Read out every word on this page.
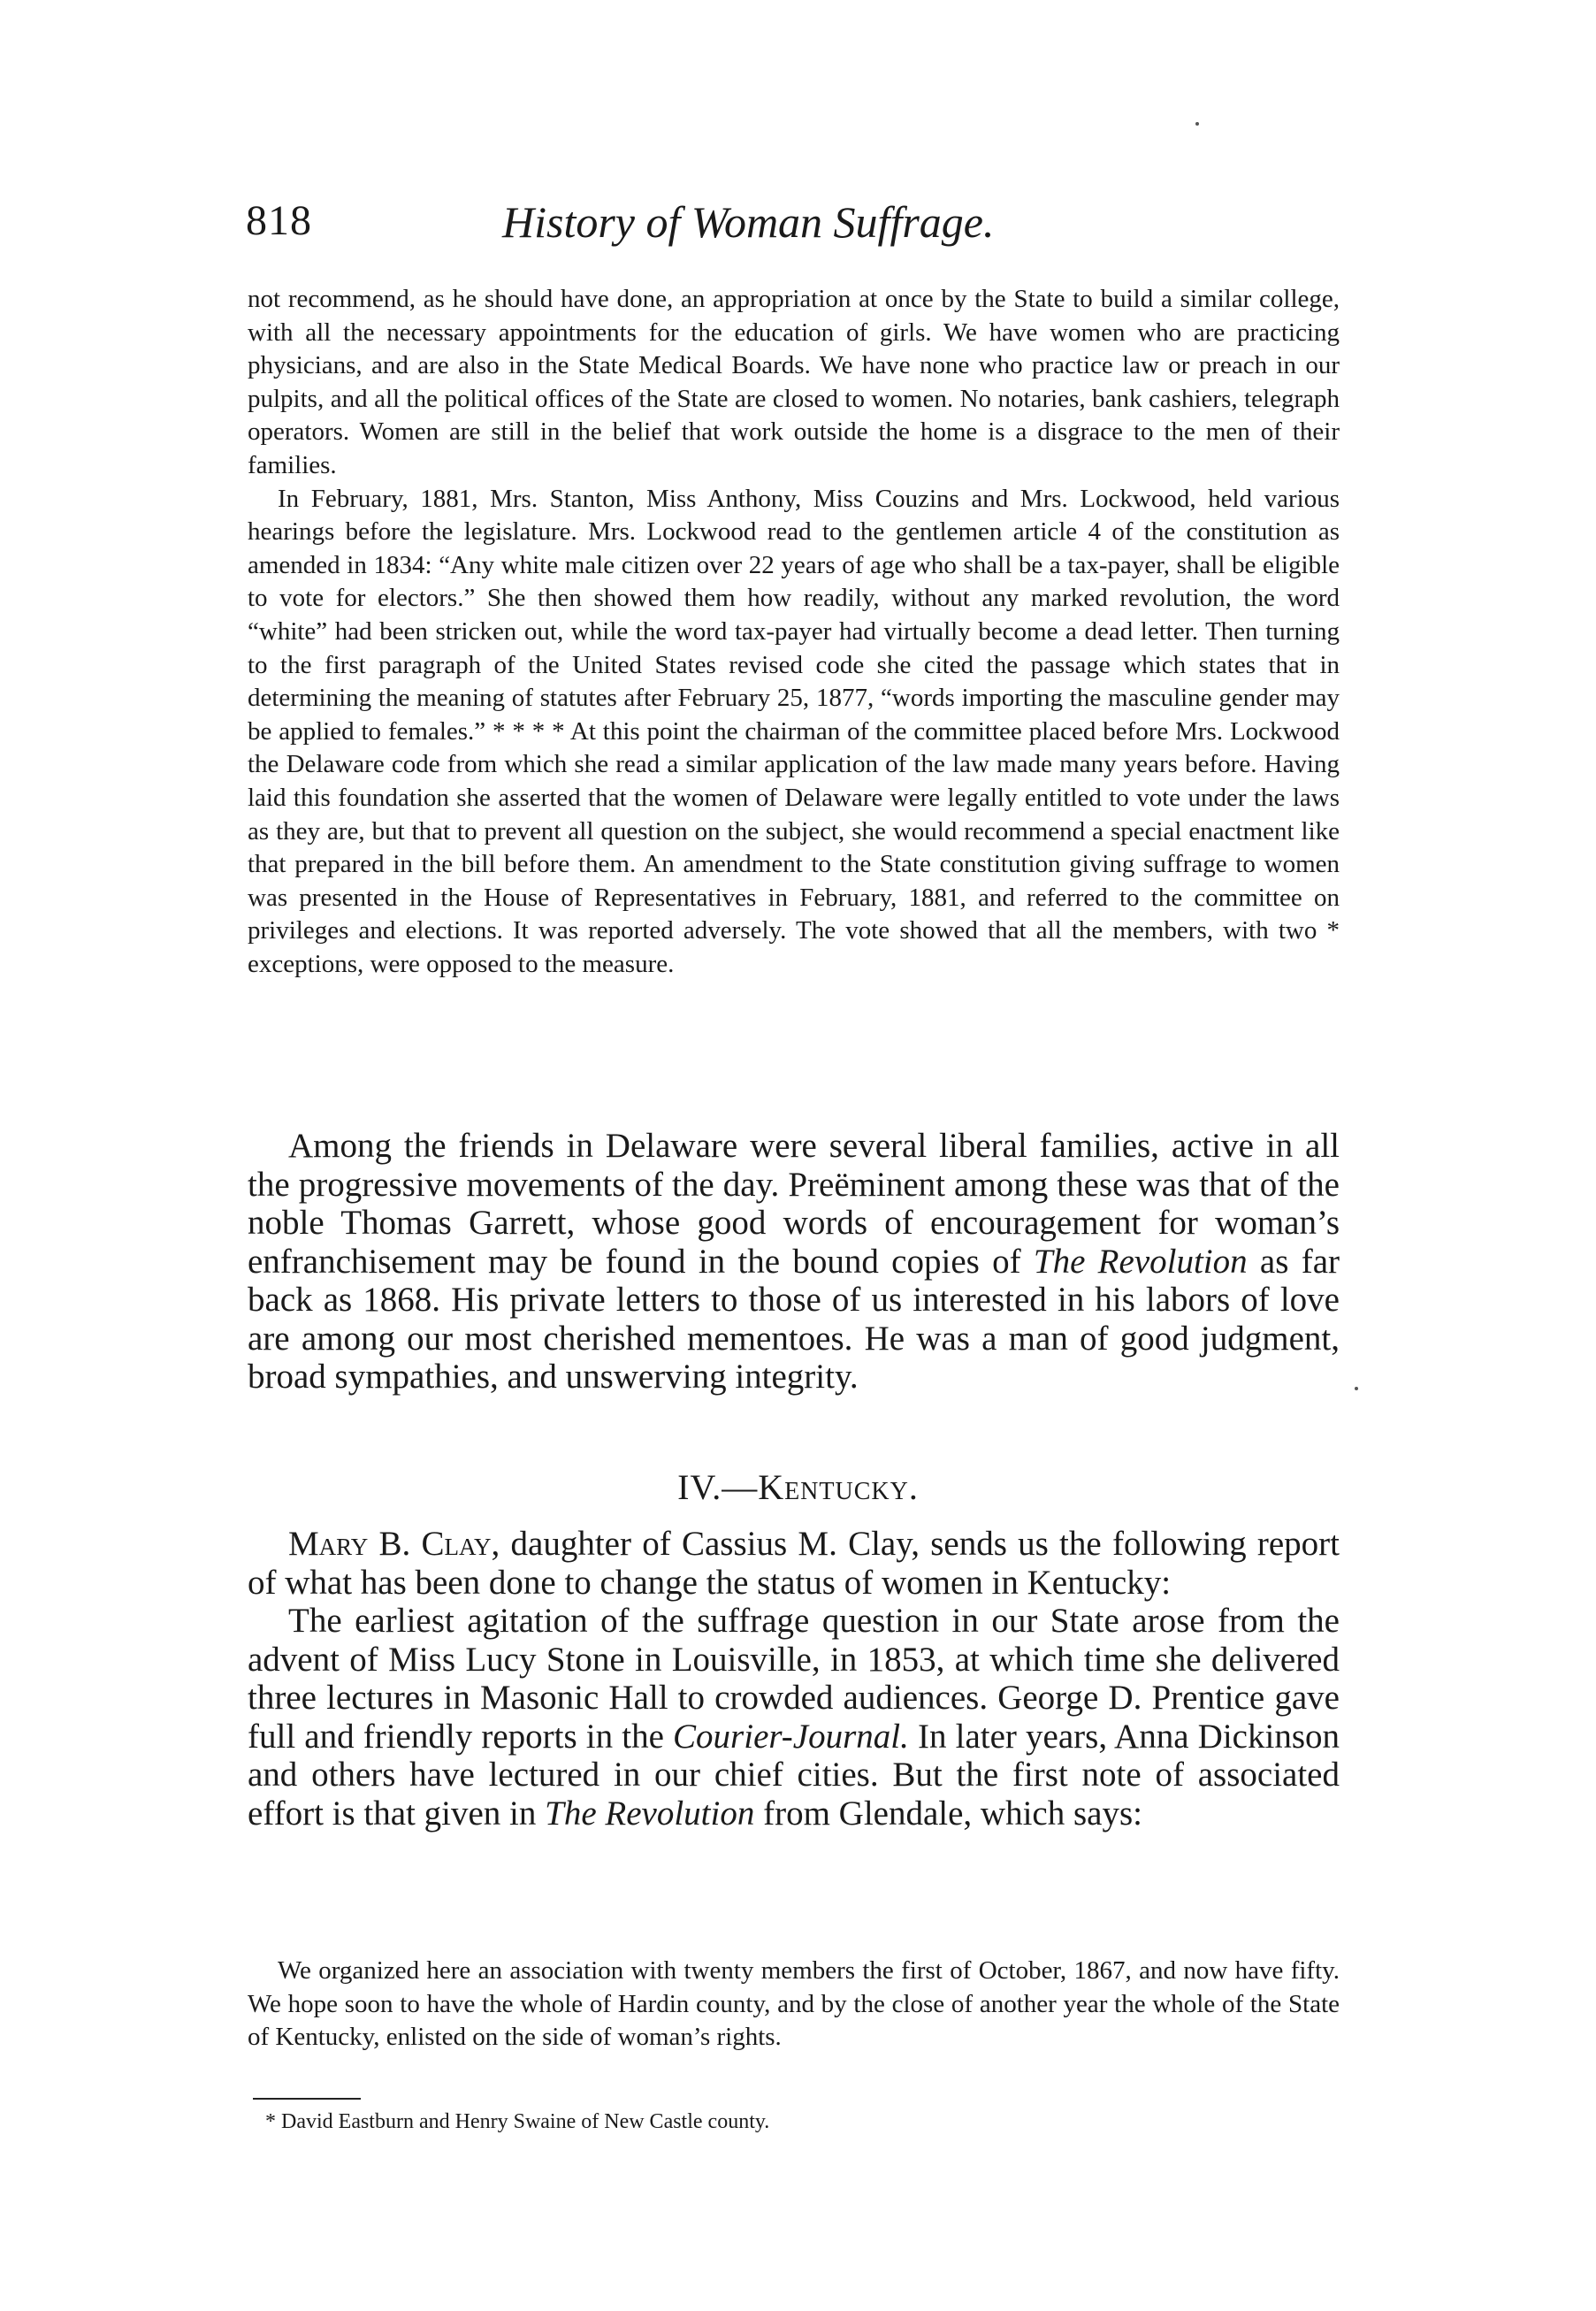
818	History of Woman Suffrage.

not recommend, as he should have done, an appropriation at once by the State to build a similar college, with all the necessary appointments for the education of girls. We have women who are practicing physicians, and are also in the State Medical Boards. We have none who practice law or preach in our pulpits, and all the political offices of the State are closed to women. No notaries, bank cashiers, telegraph operators. Women are still in the belief that work outside the home is a disgrace to the men of their families.

In February, 1881, Mrs. Stanton, Miss Anthony, Miss Couzins and Mrs. Lockwood, held various hearings before the legislature. Mrs. Lockwood read to the gentlemen article 4 of the constitution as amended in 1834: “Any white male citizen over 22 years of age who shall be a tax-payer, shall be eligible to vote for electors.” She then showed them how readily, without any marked revolution, the word “white” had been stricken out, while the word tax-payer had virtually become a dead letter. Then turning to the first paragraph of the United States revised code she cited the passage which states that in determining the meaning of statutes after February 25, 1877, “words importing the masculine gender may be applied to females.” * * * * At this point the chairman of the committee placed before Mrs. Lockwood the Delaware code from which she read a similar application of the law made many years before. Having laid this foundation she asserted that the women of Delaware were legally entitled to vote under the laws as they are, but that to prevent all question on the subject, she would recommend a special enactment like that prepared in the bill before them. An amendment to the State constitution giving suffrage to women was presented in the House of Representatives in February, 1881, and referred to the committee on privileges and elections. It was reported adversely. The vote showed that all the members, with two * exceptions, were opposed to the measure.

Among the friends in Delaware were several liberal families, active in all the progressive movements of the day. Preëminent among these was that of the noble Thomas Garrett, whose good words of encouragement for woman’s enfranchisement may be found in the bound copies of The Revolution as far back as 1868. His private letters to those of us interested in his labors of love are among our most cherished mementoes. He was a man of good judgment, broad sympathies, and unswerving integrity.

IV.—Kentucky.

Mary B. Clay, daughter of Cassius M. Clay, sends us the following report of what has been done to change the status of women in Kentucky:

The earliest agitation of the suffrage question in our State arose from the advent of Miss Lucy Stone in Louisville, in 1853, at which time she delivered three lectures in Masonic Hall to crowded audiences. George D. Prentice gave full and friendly reports in the Courier-Journal. In later years, Anna Dickinson and others have lectured in our chief cities. But the first note of associated effort is that given in The Revolution from Glendale, which says:

We organized here an association with twenty members the first of October, 1867, and now have fifty. We hope soon to have the whole of Hardin county, and by the close of another year the whole of the State of Kentucky, enlisted on the side of woman’s rights.

* David Eastburn and Henry Swaine of New Castle county.
